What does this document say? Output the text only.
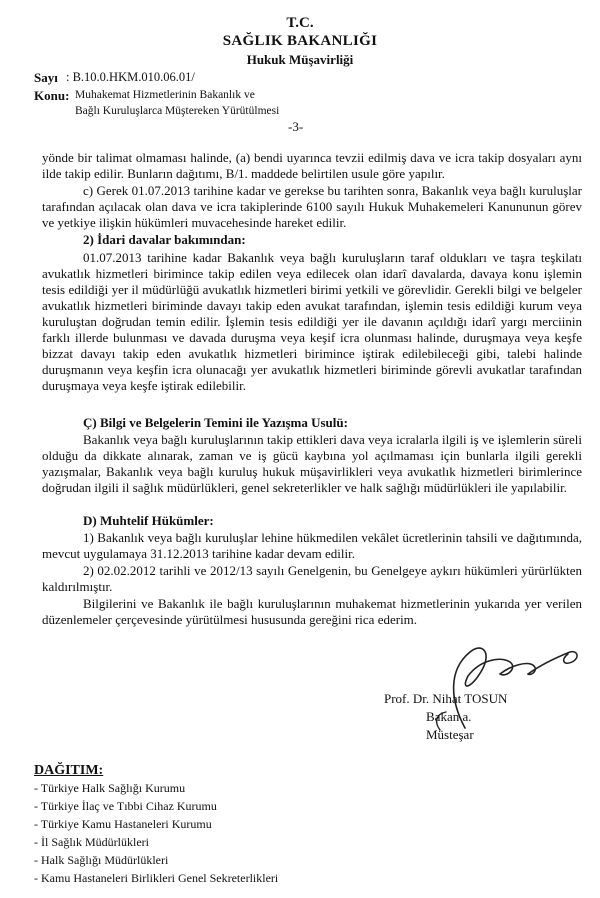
T.C.
SAĞLIK BAKANLIĞI
Hukuk Müşavirliği
Sayı : B.10.0.HKM.010.06.01/
Konu: Muhakemat Hizmetlerinin Bakanlık ve
Bağlı Kuruluşlarca Müştereken Yürütülmesi
-3-

yönde bir talimat olmaması halinde, (a) bendi uyarınca tevzii edilmiş dava ve icra takip dosyaları aynı ilde takip edilir. Bunların dağıtımı, B/1. maddede belirtilen usule göre yapılır.

c) Gerek 01.07.2013 tarihine kadar ve gerekse bu tarihten sonra, Bakanlık veya bağlı kuruluşlar tarafından açılacak olan dava ve icra takiplerinde 6100 sayılı Hukuk Muhakemeleri Kanununun görev ve yetkiye ilişkin hükümleri muvacehesinde hareket edilir.

2) İdari davalar bakımından:

01.07.2013 tarihine kadar Bakanlık veya bağlı kuruluşların taraf oldukları ve taşra teşkilatı avukatlık hizmetleri birimince takip edilen veya edilecek olan idarî davalarda, davaya konu işlemin tesis edildiği yer il müdürlüğü avukatlık hizmetleri birimi yetkili ve görevlidir. Gerekli bilgi ve belgeler avukatlık hizmetleri biriminde davayı takip eden avukat tarafından, işlemin tesis edildiği kurum veya kuruluştan doğrudan temin edilir. İşlemin tesis edildiği yer ile davanın açıldığı idarî yargı merciinin farklı illerde bulunması ve davada duruşma veya keşif icra olunması halinde, duruşmaya veya keşfe bizzat davayı takip eden avukatlık hizmetleri birimince iştirak edilebileceği gibi, talebi halinde duruşmanın veya keşfin icra olunacağı yer avukatlık hizmetleri biriminde görevli avukatlar tarafından duruşmaya veya keşfe iştirak edilebilir.

Ç) Bilgi ve Belgelerin Temini ile Yazışma Usulü:

Bakanlık veya bağlı kuruluşlarının takip ettikleri dava veya icralarla ilgili iş ve işlemlerin süreli olduğu da dikkate alınarak, zaman ve iş gücü kaybına yol açılmaması için bunlarla ilgili gerekli yazışmalar, Bakanlık veya bağlı kuruluş hukuk müşavirlikleri veya avukatlık hizmetleri birimlerince doğrudan ilgili il sağlık müdürlükleri, genel sekreterlikler ve halk sağlığı müdürlükleri ile yapılabilir.

D) Muhtelif Hükümler:

1) Bakanlık veya bağlı kuruluşlar lehine hükmedilen vekâlet ücretlerinin tahsili ve dağıtımında, mevcut uygulamaya 31.12.2013 tarihine kadar devam edilir.

2) 02.02.2012 tarihli ve 2012/13 sayılı Genelgenin, bu Genelgeye aykırı hükümleri yürürlükten kaldırılmıştır.

Bilgilerini ve Bakanlık ile bağlı kuruluşlarının muhakemat hizmetlerinin yukarıda yer verilen düzenlemeler çerçevesinde yürütülmesi hususunda gereğini rica ederim.

Prof. Dr. Nihat TOSUN
Bakan a.
Müsteşar
DAĞITIM:
- Türkiye Halk Sağlığı Kurumu
- Türkiye İlaç ve Tıbbi Cihaz Kurumu
- Türkiye Kamu Hastaneleri Kurumu
- İl Sağlık Müdürlükleri
- Halk Sağlığı Müdürlükleri
- Kamu Hastaneleri Birlikleri Genel Sekreterlikleri
